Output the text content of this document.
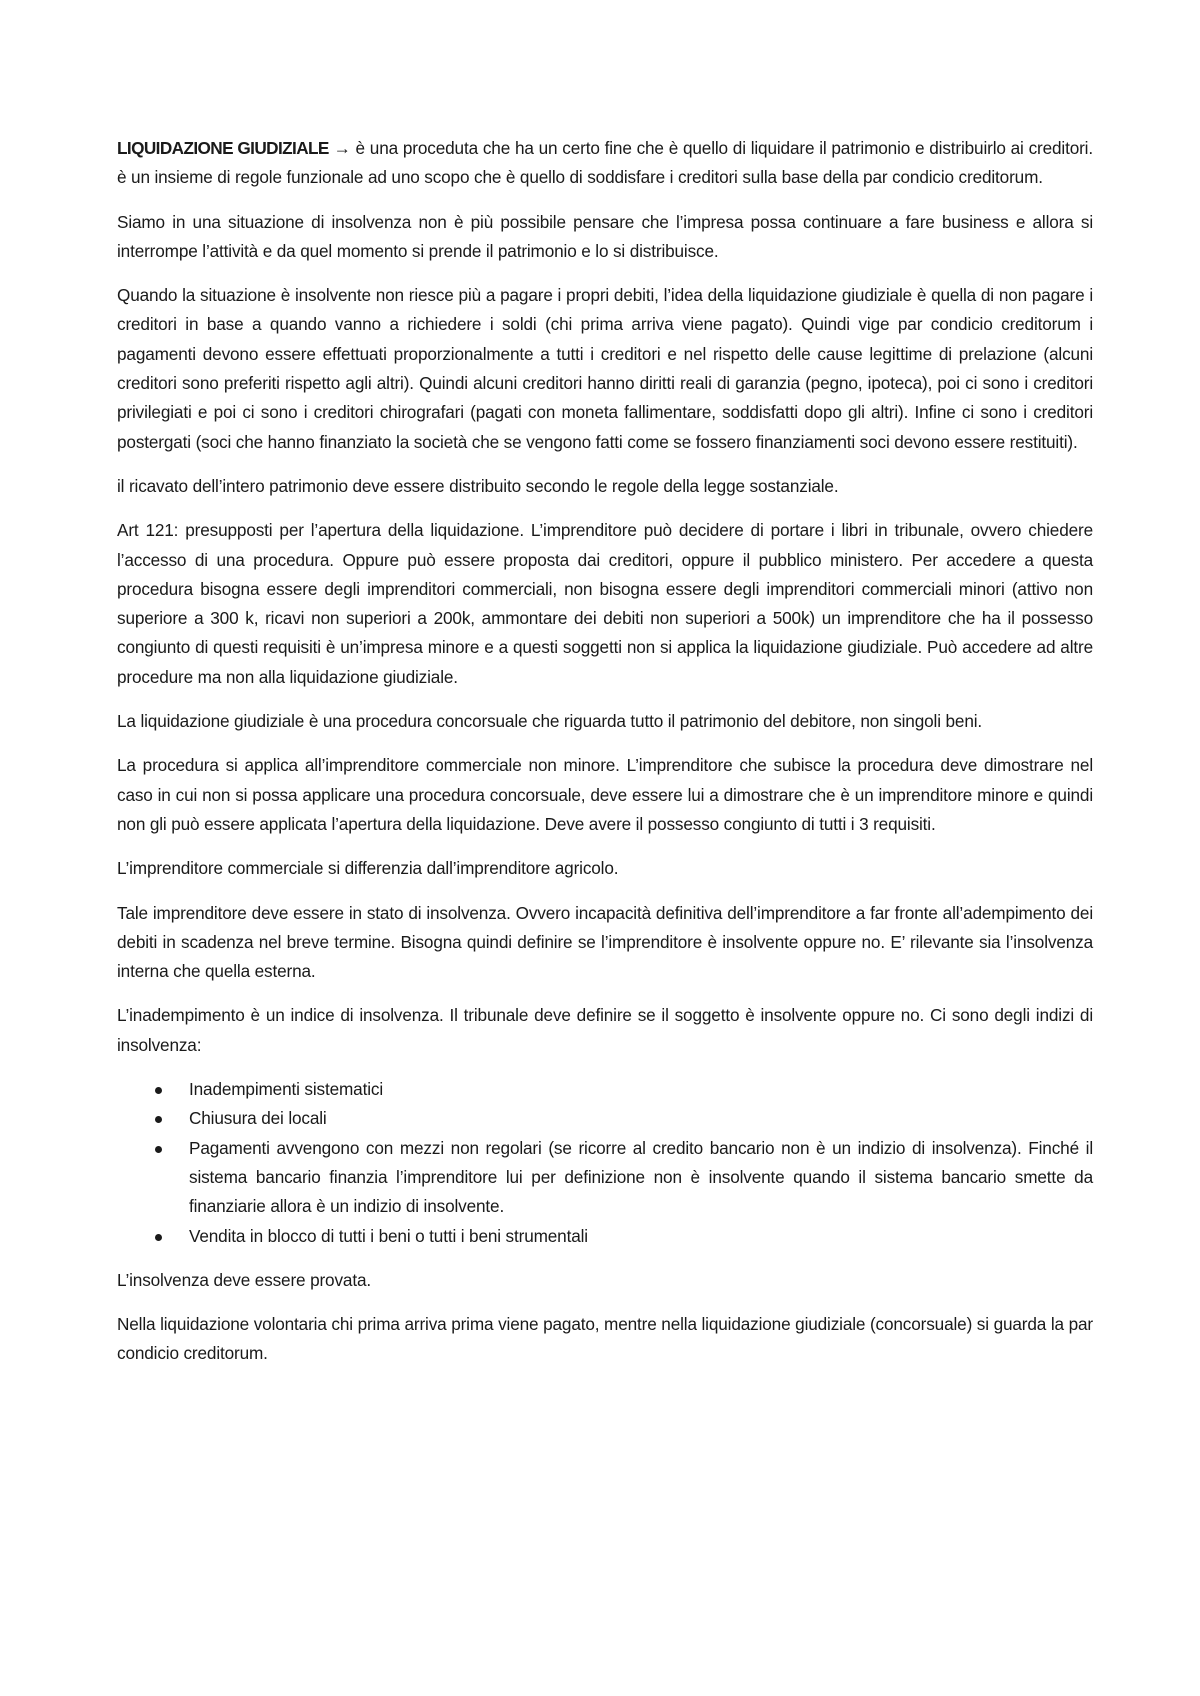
LIQUIDAZIONE GIUDIZIALE → è una proceduta che ha un certo fine che è quello di liquidare il patrimonio e distribuirlo ai creditori. è un insieme di regole funzionale ad uno scopo che è quello di soddisfare i creditori sulla base della par condicio creditorum.

Siamo in una situazione di insolvenza non è più possibile pensare che l’impresa possa continuare a fare business e allora si interrompe l’attività e da quel momento si prende il patrimonio e lo si distribuisce.

Quando la situazione è insolvente non riesce più a pagare i propri debiti, l’idea della liquidazione giudiziale è quella di non pagare i creditori in base a quando vanno a richiedere i soldi (chi prima arriva viene pagato). Quindi vige par condicio creditorum i pagamenti devono essere effettuati proporzionalmente a tutti i creditori e nel rispetto delle cause legittime di prelazione (alcuni creditori sono preferiti rispetto agli altri). Quindi alcuni creditori hanno diritti reali di garanzia (pegno, ipoteca), poi ci sono i creditori privilegiati e poi ci sono i creditori chirografari (pagati con moneta fallimentare, soddisfatti dopo gli altri). Infine ci sono i creditori postergati (soci che hanno finanziato la società che se vengono fatti come se fossero finanziamenti soci devono essere restituiti).

il ricavato dell’intero patrimonio deve essere distribuito secondo le regole della legge sostanziale.

Art 121: presupposti per l’apertura della liquidazione. L’imprenditore può decidere di portare i libri in tribunale, ovvero chiedere l’accesso di una procedura. Oppure può essere proposta dai creditori, oppure il pubblico ministero. Per accedere a questa procedura bisogna essere degli imprenditori commerciali, non bisogna essere degli imprenditori commerciali minori (attivo non superiore a 300 k, ricavi non superiori a 200k, ammontare dei debiti non superiori a 500k) un imprenditore che ha il possesso congiunto di questi requisiti è un’impresa minore e a questi soggetti non si applica la liquidazione giudiziale. Può accedere ad altre procedure ma non alla liquidazione giudiziale.

La liquidazione giudiziale è una procedura concorsuale che riguarda tutto il patrimonio del debitore, non singoli beni.

La procedura si applica all’imprenditore commerciale non minore. L’imprenditore che subisce la procedura deve dimostrare nel caso in cui non si possa applicare una procedura concorsuale, deve essere lui a dimostrare che è un imprenditore minore e quindi non gli può essere applicata l’apertura della liquidazione. Deve avere il possesso congiunto di tutti i 3 requisiti.

L’imprenditore commerciale si differenzia dall’imprenditore agricolo.

Tale imprenditore deve essere in stato di insolvenza. Ovvero incapacità definitiva dell’imprenditore a far fronte all’adempimento dei debiti in scadenza nel breve termine. Bisogna quindi definire se l’imprenditore è insolvente oppure no. E’ rilevante sia l’insolvenza interna che quella esterna.

L’inadempimento è un indice di insolvenza. Il tribunale deve definire se il soggetto è insolvente oppure no. Ci sono degli indizi di insolvenza:

Inadempimenti sistematici
Chiusura dei locali
Pagamenti avvengono con mezzi non regolari (se ricorre al credito bancario non è un indizio di insolvenza). Finché il sistema bancario finanzia l’imprenditore lui per definizione non è insolvente quando il sistema bancario smette da finanziarie allora è un indizio di insolvente.
Vendita in blocco di tutti i beni o tutti i beni strumentali

L’insolvenza deve essere provata.

Nella liquidazione volontaria chi prima arriva prima viene pagato, mentre nella liquidazione giudiziale (concorsuale) si guarda la par condicio creditorum.
